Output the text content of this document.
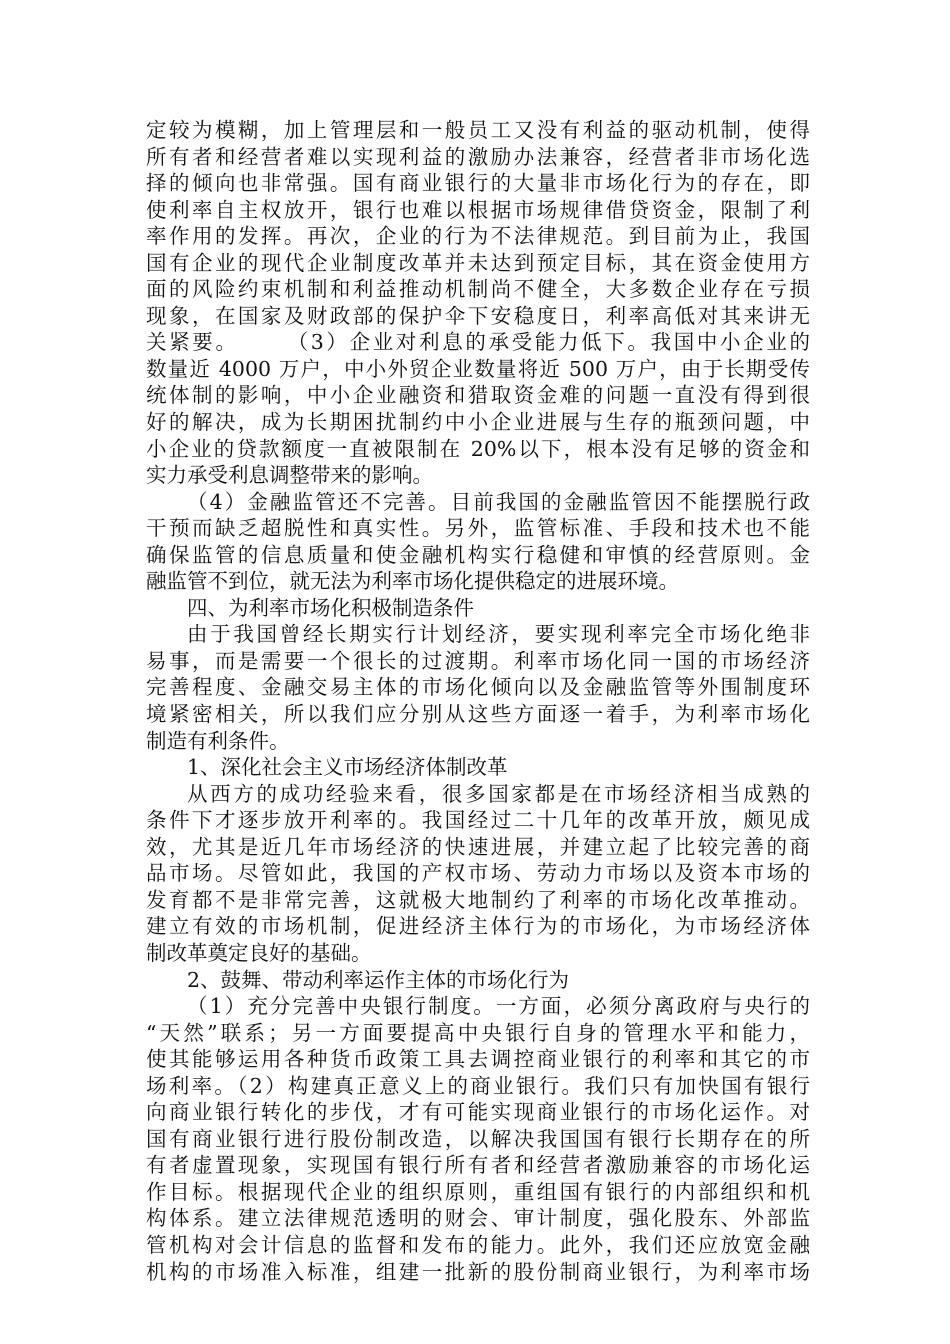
定较为模糊，加上管理层和一般员工又没有利益的驱动机制，使得
所有者和经营者难以实现利益的激励办法兼容，经营者非市场化选
择的倾向也非常强。国有商业银行的大量非市场化行为的存在，即
使利率自主权放开，银行也难以根据市场规律借贷资金，限制了利
率作用的发挥。再次，企业的行为不法律规范。到目前为止，我国
国有企业的现代企业制度改革并未达到预定目标，其在资金使用方
面的风险约束机制和利益推动机制尚不健全，大多数企业存在亏损
现象，在国家及财政部的保护伞下安稳度日，利率高低对其来讲无
关紧要。　　　（3）企业对利息的承受能力低下。我国中小企业的
数量近 4000 万户，中小外贸企业数量将近 500 万户，由于长期受传
统体制的影响，中小企业融资和猎取资金难的问题一直没有得到很
好的解决，成为长期困扰制约中小企业进展与生存的瓶颈问题，中
小企业的贷款额度一直被限制在 20%以下，根本没有足够的资金和
实力承受利息调整带来的影响。
（4）金融监管还不完善。目前我国的金融监管因不能摆脱行政
干预而缺乏超脱性和真实性。另外，监管标准、手段和技术也不能
确保监管的信息质量和使金融机构实行稳健和审慎的经营原则。金
融监管不到位，就无法为利率市场化提供稳定的进展环境。
四、为利率市场化积极制造条件
由于我国曾经长期实行计划经济，要实现利率完全市场化绝非
易事，而是需要一个很长的过渡期。利率市场化同一国的市场经济
完善程度、金融交易主体的市场化倾向以及金融监管等外围制度环
境紧密相关，所以我们应分别从这些方面逐一着手，为利率市场化
制造有利条件。
1、深化社会主义市场经济体制改革
从西方的成功经验来看，很多国家都是在市场经济相当成熟的
条件下才逐步放开利率的。我国经过二十几年的改革开放，颇见成
效，尤其是近几年市场经济的快速进展，并建立起了比较完善的商
品市场。尽管如此，我国的产权市场、劳动力市场以及资本市场的
发育都不是非常完善，这就极大地制约了利率的市场化改革推动。
建立有效的市场机制，促进经济主体行为的市场化，为市场经济体
制改革奠定良好的基础。
2、鼓舞、带动利率运作主体的市场化行为
（1）充分完善中央银行制度。一方面，必须分离政府与央行的
“天然”联系；另一方面要提高中央银行自身的管理水平和能力，
使其能够运用各种货币政策工具去调控商业银行的利率和其它的市
场利率。（2）构建真正意义上的商业银行。我们只有加快国有银行
向商业银行转化的步伐，才有可能实现商业银行的市场化运作。对
国有商业银行进行股份制改造，以解决我国国有银行长期存在的所
有者虚置现象，实现国有银行所有者和经营者激励兼容的市场化运
作目标。根据现代企业的组织原则，重组国有银行的内部组织和机
构体系。建立法律规范透明的财会、审计制度，强化股东、外部监
管机构对会计信息的监督和发布的能力。此外，我们还应放宽金融
机构的市场准入标准，组建一批新的股份制商业银行，为利率市场
